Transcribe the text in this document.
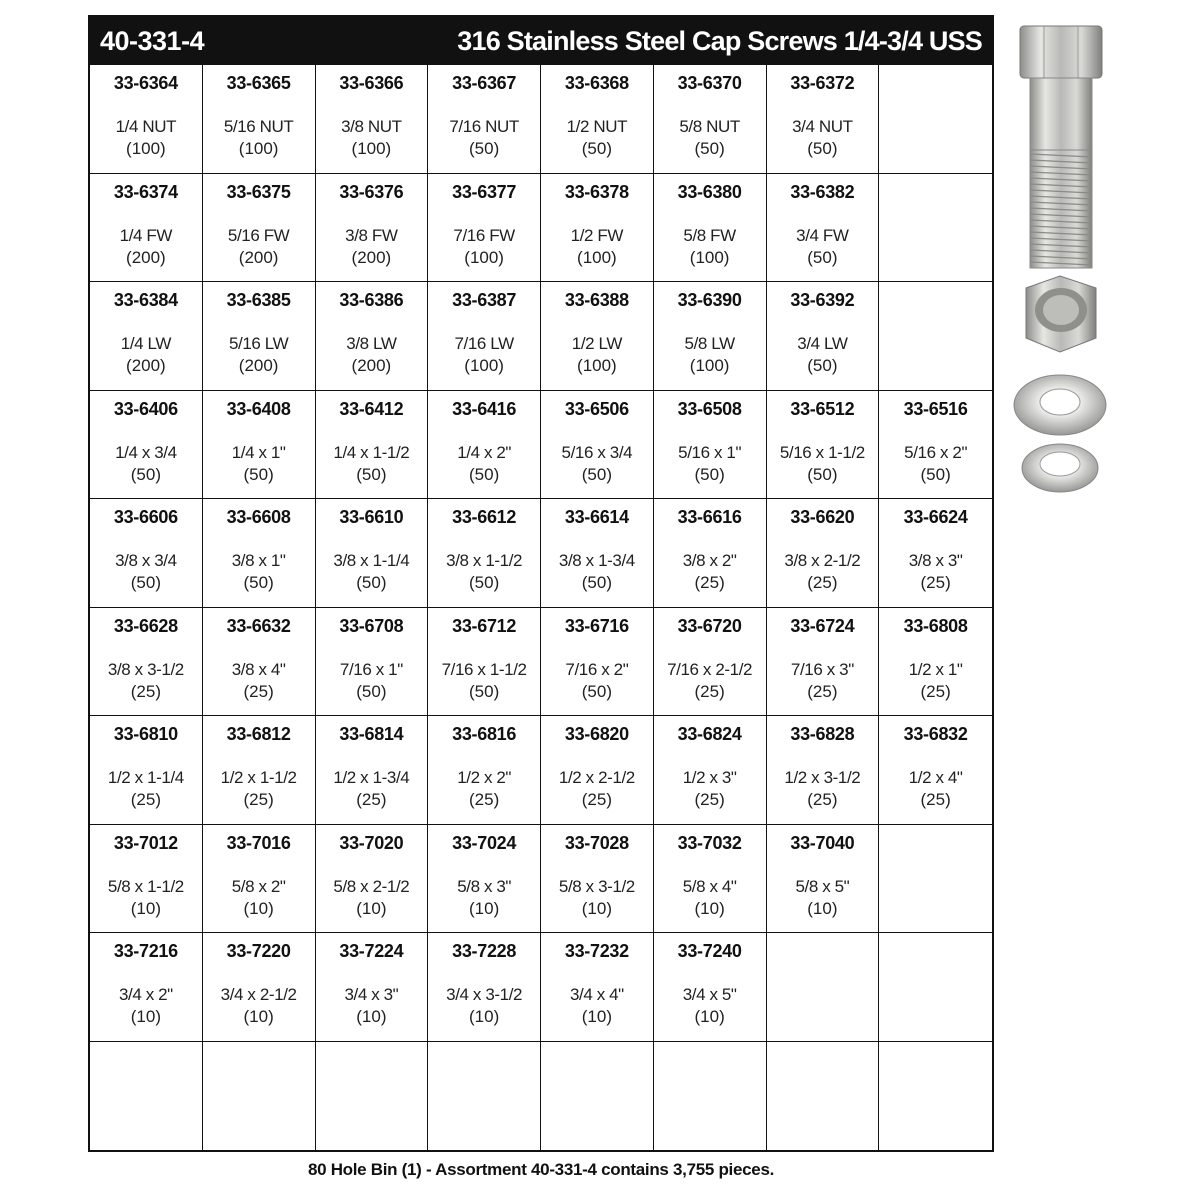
40-331-4	316 Stainless Steel Cap Screws 1/4-3/4 USS
33-6364
1/4 NUT
(100)
33-6365
5/16 NUT
(100)
33-6366
3/8 NUT
(100)
33-6367
7/16 NUT
(50)
33-6368
1/2 NUT
(50)
33-6370
5/8 NUT
(50)
33-6372
3/4 NUT
(50)
33-6374
1/4 FW
(200)
33-6375
5/16 FW
(200)
33-6376
3/8 FW
(200)
33-6377
7/16 FW
(100)
33-6378
1/2 FW
(100)
33-6380
5/8 FW
(100)
33-6382
3/4 FW
(50)
33-6384
1/4 LW
(200)
33-6385
5/16 LW
(200)
33-6386
3/8 LW
(200)
33-6387
7/16 LW
(100)
33-6388
1/2 LW
(100)
33-6390
5/8 LW
(100)
33-6392
3/4 LW
(50)
33-6406
1/4 x 3/4
(50)
33-6408
1/4 x 1"
(50)
33-6412
1/4 x 1-1/2
(50)
33-6416
1/4 x 2"
(50)
33-6506
5/16 x 3/4
(50)
33-6508
5/16 x 1"
(50)
33-6512
5/16 x 1-1/2
(50)
33-6516
5/16 x 2"
(50)
33-6606
3/8 x 3/4
(50)
33-6608
3/8 x 1"
(50)
33-6610
3/8 x 1-1/4
(50)
33-6612
3/8 x 1-1/2
(50)
33-6614
3/8 x 1-3/4
(50)
33-6616
3/8 x 2"
(25)
33-6620
3/8 x 2-1/2
(25)
33-6624
3/8 x 3"
(25)
33-6628
3/8 x 3-1/2
(25)
33-6632
3/8 x 4"
(25)
33-6708
7/16 x 1"
(50)
33-6712
7/16 x 1-1/2
(50)
33-6716
7/16 x 2"
(50)
33-6720
7/16 x 2-1/2
(25)
33-6724
7/16 x 3"
(25)
33-6808
1/2 x 1"
(25)
33-6810
1/2 x 1-1/4
(25)
33-6812
1/2 x 1-1/2
(25)
33-6814
1/2 x 1-3/4
(25)
33-6816
1/2 x 2"
(25)
33-6820
1/2 x 2-1/2
(25)
33-6824
1/2 x 3"
(25)
33-6828
1/2 x 3-1/2
(25)
33-6832
1/2 x 4"
(25)
33-7012
5/8 x 1-1/2
(10)
33-7016
5/8 x 2"
(10)
33-7020
5/8 x 2-1/2
(10)
33-7024
5/8 x 3"
(10)
33-7028
5/8 x 3-1/2
(10)
33-7032
5/8 x 4"
(10)
33-7040
5/8 x 5"
(10)
33-7216
3/4 x 2"
(10)
33-7220
3/4 x 2-1/2
(10)
33-7224
3/4 x 3"
(10)
33-7228
3/4 x 3-1/2
(10)
33-7232
3/4 x 4"
(10)
33-7240
3/4 x 5"
(10)
80 Hole Bin (1) - Assortment 40-331-4 contains 3,755 pieces.
